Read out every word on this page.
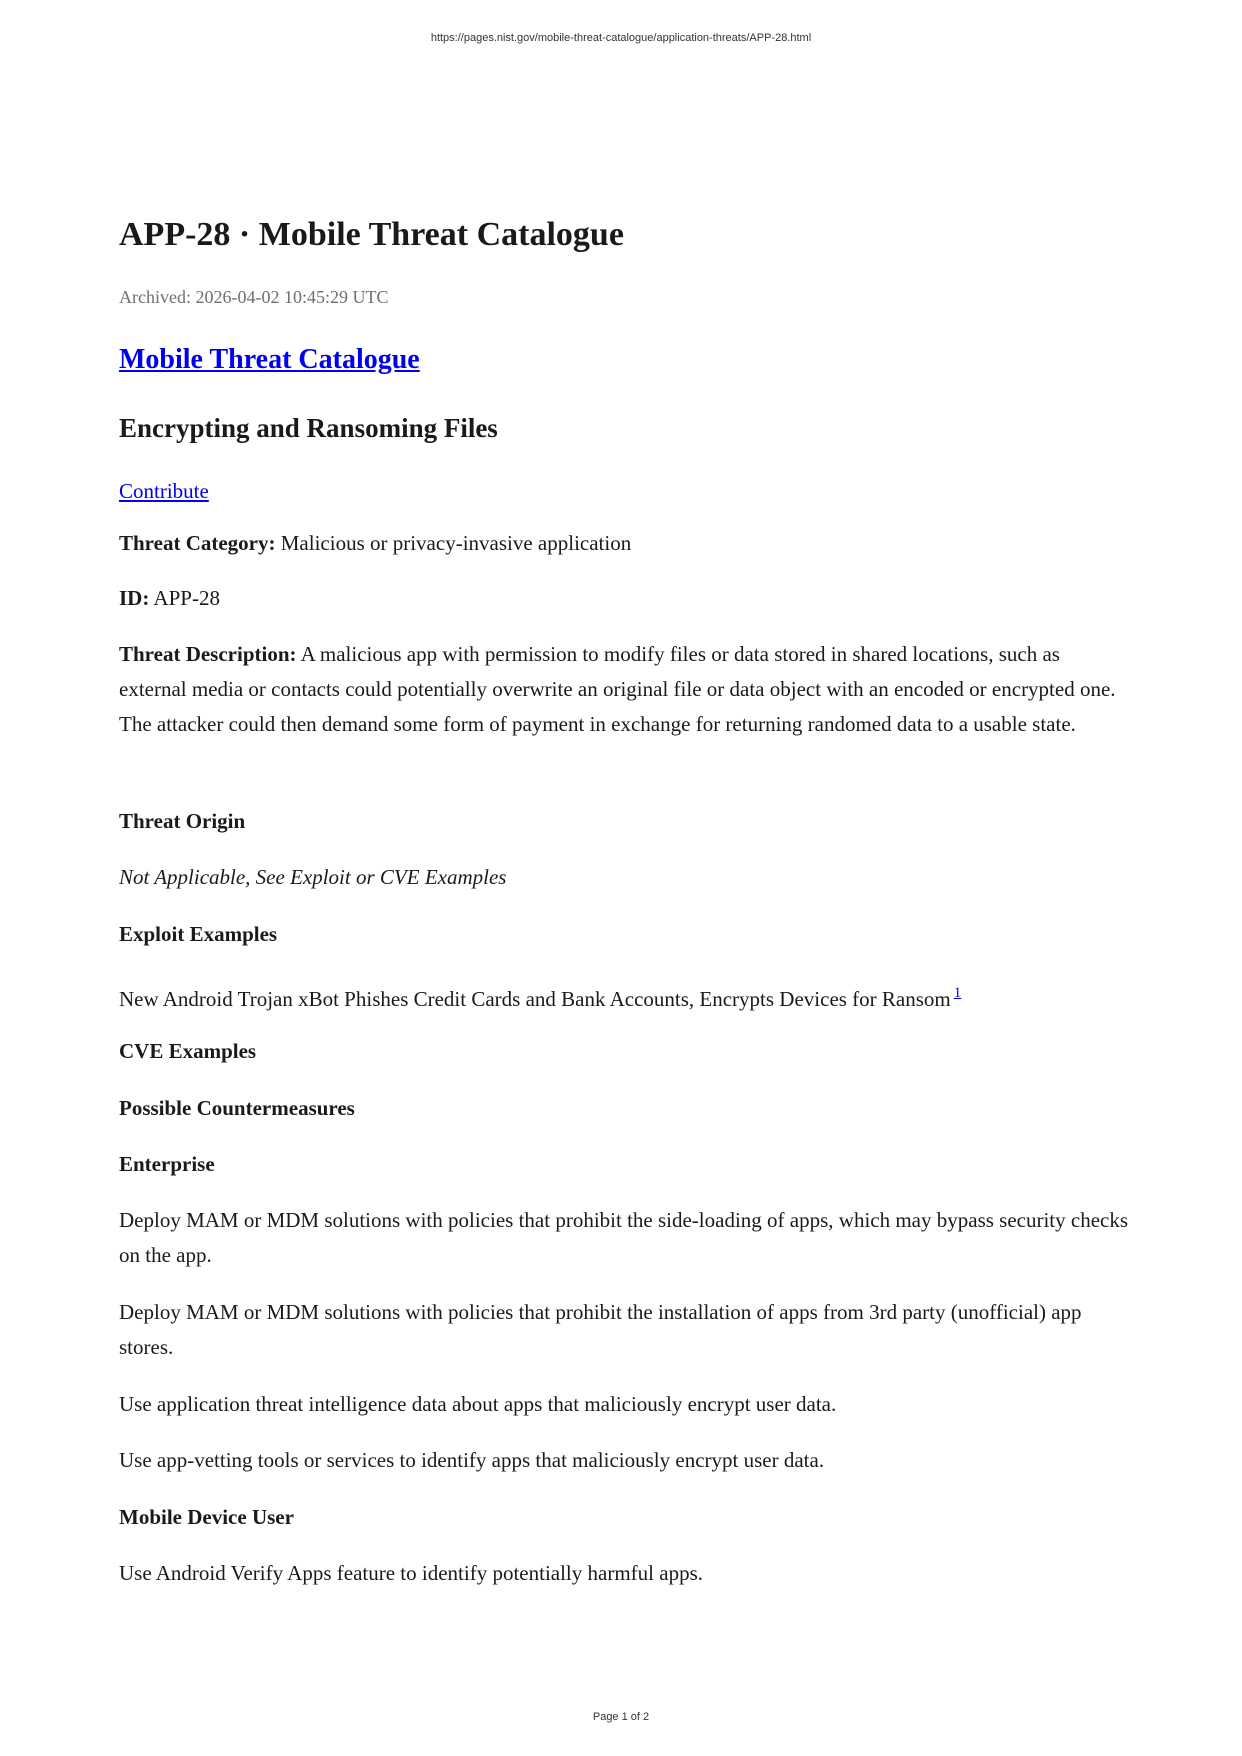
https://pages.nist.gov/mobile-threat-catalogue/application-threats/APP-28.html
APP-28 · Mobile Threat Catalogue
Archived: 2026-04-02 10:45:29 UTC
Mobile Threat Catalogue
Encrypting and Ransoming Files
Contribute
Threat Category: Malicious or privacy-invasive application
ID: APP-28
Threat Description: A malicious app with permission to modify files or data stored in shared locations, such as external media or contacts could potentially overwrite an original file or data object with an encoded or encrypted one. The attacker could then demand some form of payment in exchange for returning randomed data to a usable state.
Threat Origin
Not Applicable, See Exploit or CVE Examples
Exploit Examples
New Android Trojan xBot Phishes Credit Cards and Bank Accounts, Encrypts Devices for Ransom $^1$
CVE Examples
Possible Countermeasures
Enterprise
Deploy MAM or MDM solutions with policies that prohibit the side-loading of apps, which may bypass security checks on the app.
Deploy MAM or MDM solutions with policies that prohibit the installation of apps from 3rd party (unofficial) app stores.
Use application threat intelligence data about apps that maliciously encrypt user data.
Use app-vetting tools or services to identify apps that maliciously encrypt user data.
Mobile Device User
Use Android Verify Apps feature to identify potentially harmful apps.
Page 1 of 2
